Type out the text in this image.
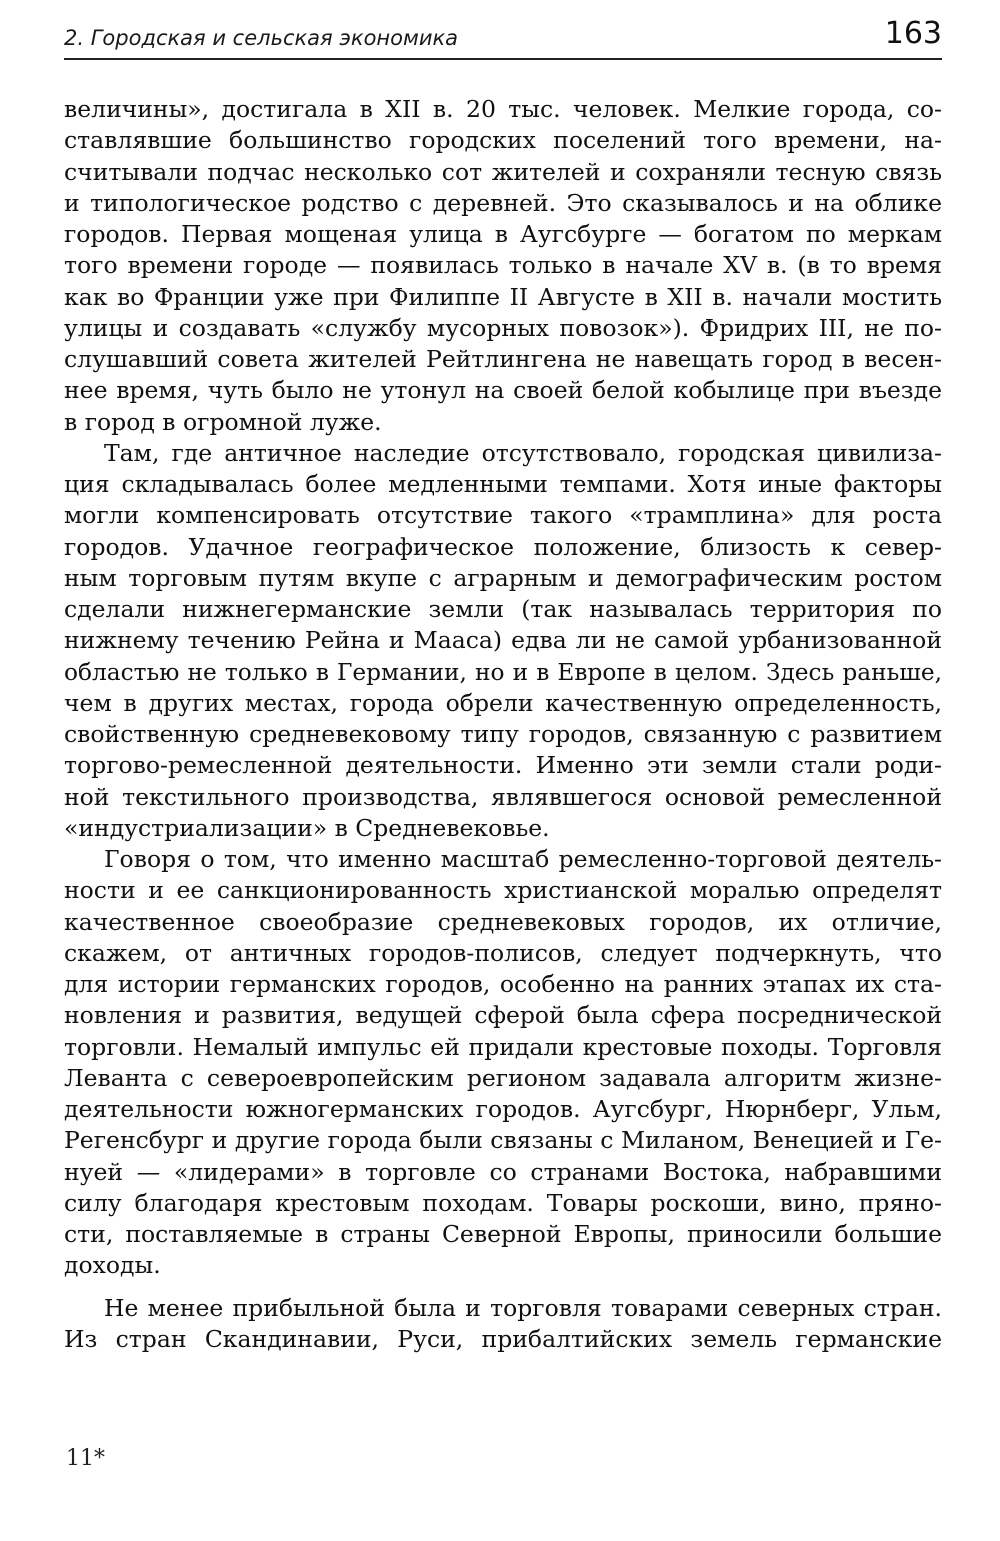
2. Городская и сельская экономика	163
величины», достигала в XII в. 20 тыс. человек. Мелкие города, со-
ставлявшие большинство городских поселений того времени, на-
считывали подчас несколько сот жителей и сохраняли тесную связь
и типологическое родство с деревней. Это сказывалось и на облике
городов. Первая мощеная улица в Аугсбурге — богатом по меркам
того времени городе — появилась только в начале XV в. (в то время
как во Франции уже при Филиппе II Августе в XII в. начали мостить
улицы и создавать «службу мусорных повозок»). Фридрих III, не по-
слушавший совета жителей Рейтлингена не навещать город в весен-
нее время, чуть было не утонул на своей белой кобылице при въезде
в город в огромной луже.
Там, где античное наследие отсутствовало, городская цивилиза-
ция складывалась более медленными темпами. Хотя иные факторы
могли компенсировать отсутствие такого «трамплина» для роста
городов. Удачное географическое положение, близость к север-
ным торговым путям вкупе с аграрным и демографическим ростом
сделали нижнегерманские земли (так называлась территория по
нижнему течению Рейна и Мааса) едва ли не самой урбанизованной
областью не только в Германии, но и в Европе в целом. Здесь раньше,
чем в других местах, города обрели качественную определенность,
свойственную средневековому типу городов, связанную с развитием
торгово-ремесленной деятельности. Именно эти земли стали роди-
ной текстильного производства, являвшегося основой ремесленной
«индустриализации» в Средневековье.
Говоря о том, что именно масштаб ремесленно-торговой деятель-
ности и ее санкционированность христианской моралью определят
качественное своеобразие средневековых городов, их отличие,
скажем, от античных городов-полисов, следует подчеркнуть, что
для истории германских городов, особенно на ранних этапах их ста-
новления и развития, ведущей сферой была сфера посреднической
торговли. Немалый импульс ей придали крестовые походы. Торговля
Леванта с североевропейским регионом задавала алгоритм жизне-
деятельности южногерманских городов. Аугсбург, Нюрнберг, Ульм,
Регенсбург и другие города были связаны с Миланом, Венецией и Ге-
нуей — «лидерами» в торговле со странами Востока, набравшими
силу благодаря крестовым походам. Товары роскоши, вино, пряно-
сти, поставляемые в страны Северной Европы, приносили большие
доходы.
Не менее прибыльной была и торговля товарами северных стран.
Из стран Скандинавии, Руси, прибалтийских земель германские
11*
